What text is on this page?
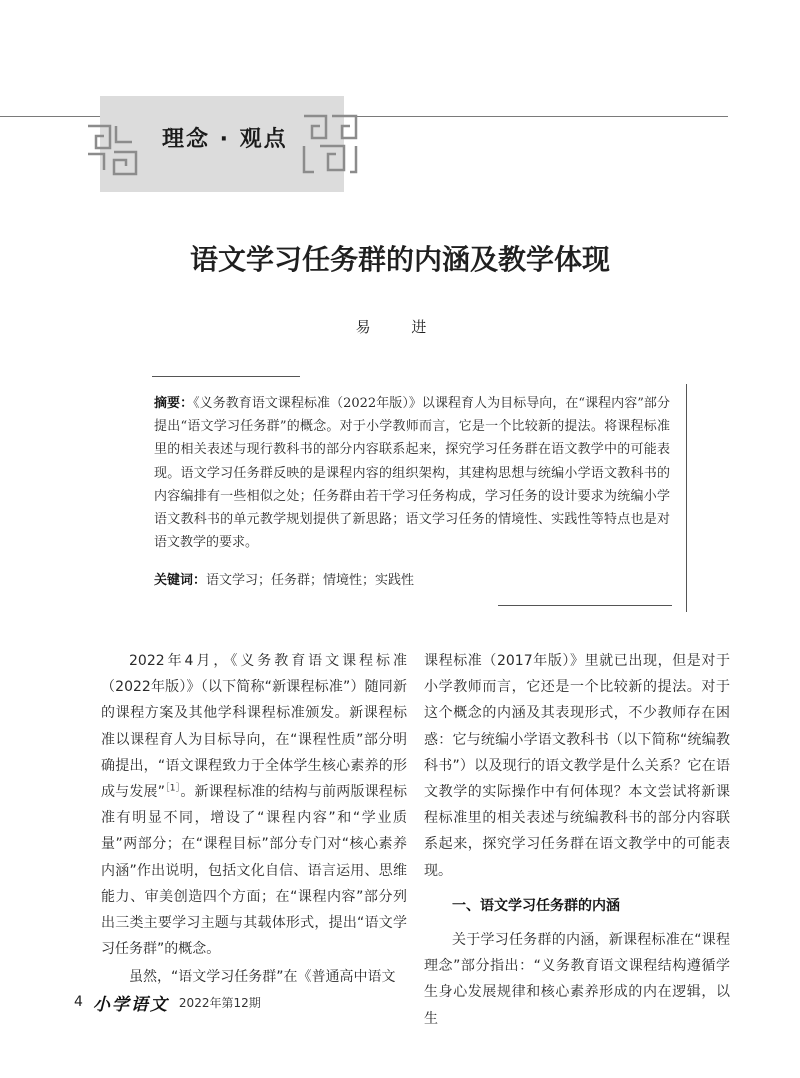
理念 · 观点
语文学习任务群的内涵及教学体现
易 进
摘要：《义务教育语文课程标准（2022年版）》以课程育人为目标导向，在“课程内容”部分提出“语文学习任务群”的概念。对于小学教师而言，它是一个比较新的提法。将课程标准里的相关表述与现行教科书的部分内容联系起来，探究学习任务群在语文教学中的可能表现。语文学习任务群反映的是课程内容的组织架构，其建构思想与统编小学语文教科书的内容编排有一些相似之处；任务群由若干学习任务构成，学习任务的设计要求为统编小学语文教科书的单元教学规划提供了新思路；语文学习任务的情境性、实践性等特点也是对语文教学的要求。
关键词：语文学习；任务群；情境性；实践性

2022年4月，《义务教育语文课程标准（2022年版）》（以下简称“新课程标准”）随同新的课程方案及其他学科课程标准颁发。新课程标准以课程育人为目标导向，在“课程性质”部分明确提出，“语文课程致力于全体学生核心素养的形成与发展”$^{[1]}$。新课程标准的结构与前两版课程标准有明显不同，增设了“课程内容”和“学业质量”两部分；在“课程目标”部分专门对“核心素养内涵”作出说明，包括文化自信、语言运用、思维能力、审美创造四个方面；在“课程内容”部分列出三类主要学习主题与其载体形式，提出“语文学习任务群”的概念。

虽然，“语文学习任务群”在《普通高中语文

课程标准（2017年版）》里就已出现，但是对于小学教师而言，它还是一个比较新的提法。对于这个概念的内涵及其表现形式，不少教师存在困惑：它与统编小学语文教科书（以下简称“统编教科书”）以及现行的语文教学是什么关系？它在语文教学的实际操作中有何体现？本文尝试将新课程标准里的相关表述与统编教科书的部分内容联系起来，探究学习任务群在语文教学中的可能表现。

一、语文学习任务群的内涵

关于学习任务群的内涵，新课程标准在“课程理念”部分指出：“义务教育语文课程结构遵循学生身心发展规律和核心素养形成的内在逻辑，以生

4 小学语文 2022年第12期
